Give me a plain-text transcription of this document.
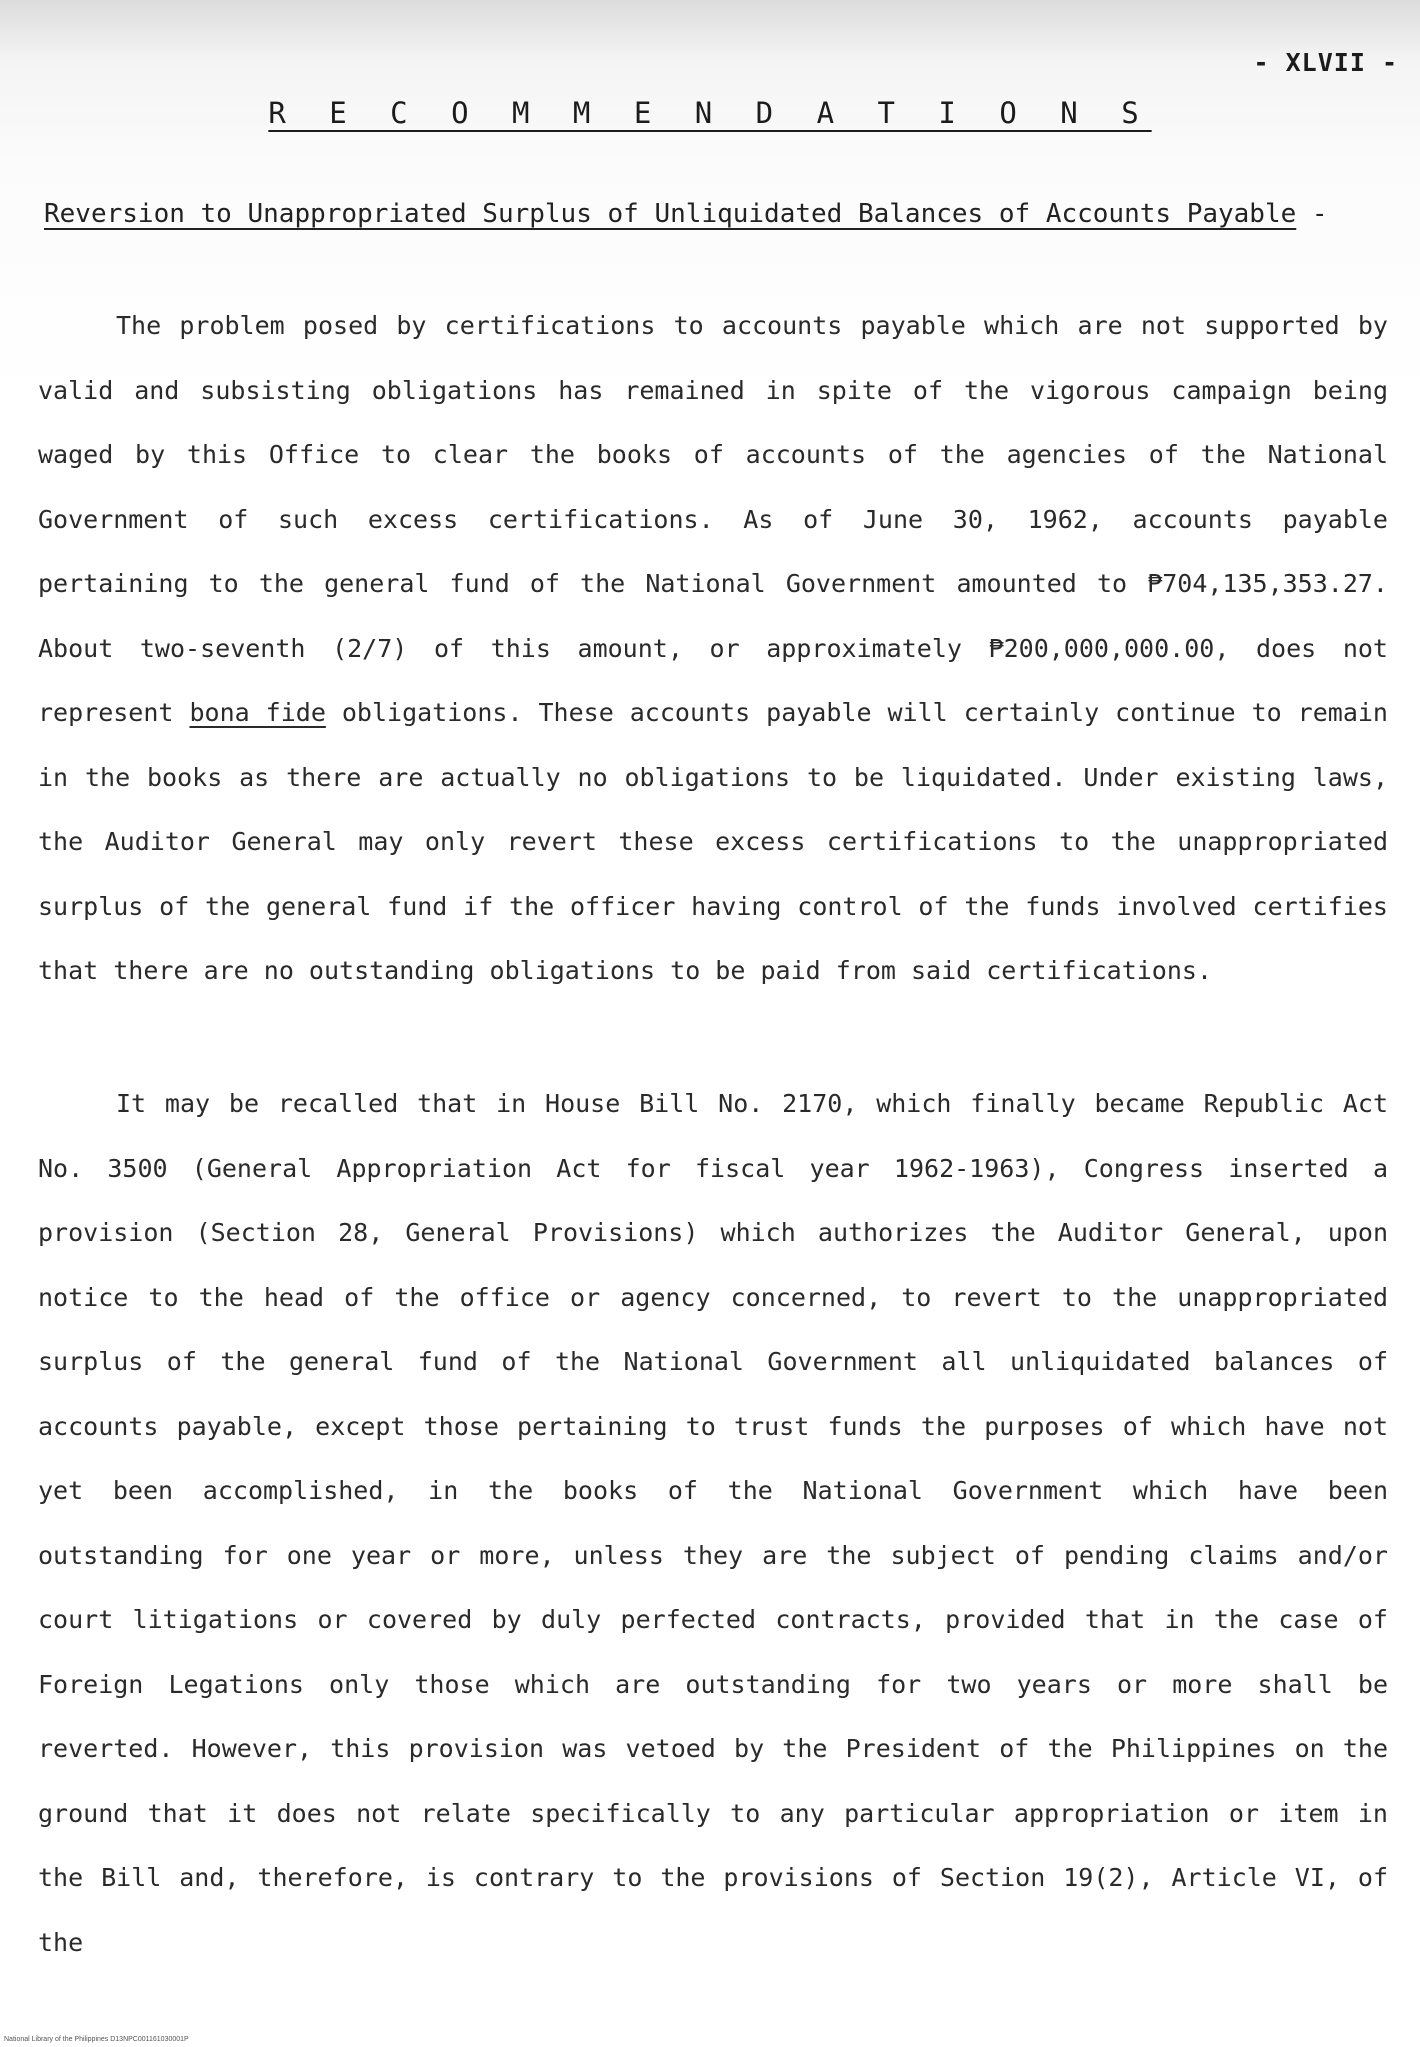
- XLVII -
R E C O M M E N D A T I O N S
Reversion to Unappropriated Surplus of Unliquidated Balances of Accounts Payable -

The problem posed by certifications to accounts payable which are not supported by valid and subsisting obligations has remained in spite of the vigorous campaign being waged by this Office to clear the books of accounts of the agencies of the National Government of such excess certifications. As of June 30, 1962, accounts payable pertaining to the general fund of the National Government amounted to ₱704,135,353.27. About two-seventh (2/7) of this amount, or approximately ₱200,000,000.00, does not represent bona fide obligations. These accounts payable will certainly continue to remain in the books as there are actually no obligations to be liquidated. Under existing laws, the Auditor General may only revert these excess certifications to the unappropriated surplus of the general fund if the officer having control of the funds involved certifies that there are no outstanding obligations to be paid from said certifications.

It may be recalled that in House Bill No. 2170, which finally became Republic Act No. 3500 (General Appropriation Act for fiscal year 1962-1963), Congress inserted a provision (Section 28, General Provisions) which authorizes the Auditor General, upon notice to the head of the office or agency concerned, to revert to the unappropriated surplus of the general fund of the National Government all unliquidated balances of accounts payable, except those pertaining to trust funds the purposes of which have not yet been accomplished, in the books of the National Government which have been outstanding for one year or more, unless they are the subject of pending claims and/or court litigations or covered by duly perfected contracts, provided that in the case of Foreign Legations only those which are outstanding for two years or more shall be reverted. However, this provision was vetoed by the President of the Philippines on the ground that it does not relate specifically to any particular appropriation or item in the Bill and, therefore, is contrary to the provisions of Section 19(2), Article VI, of the

National Library of the Philippines D13NPC001161030001P
